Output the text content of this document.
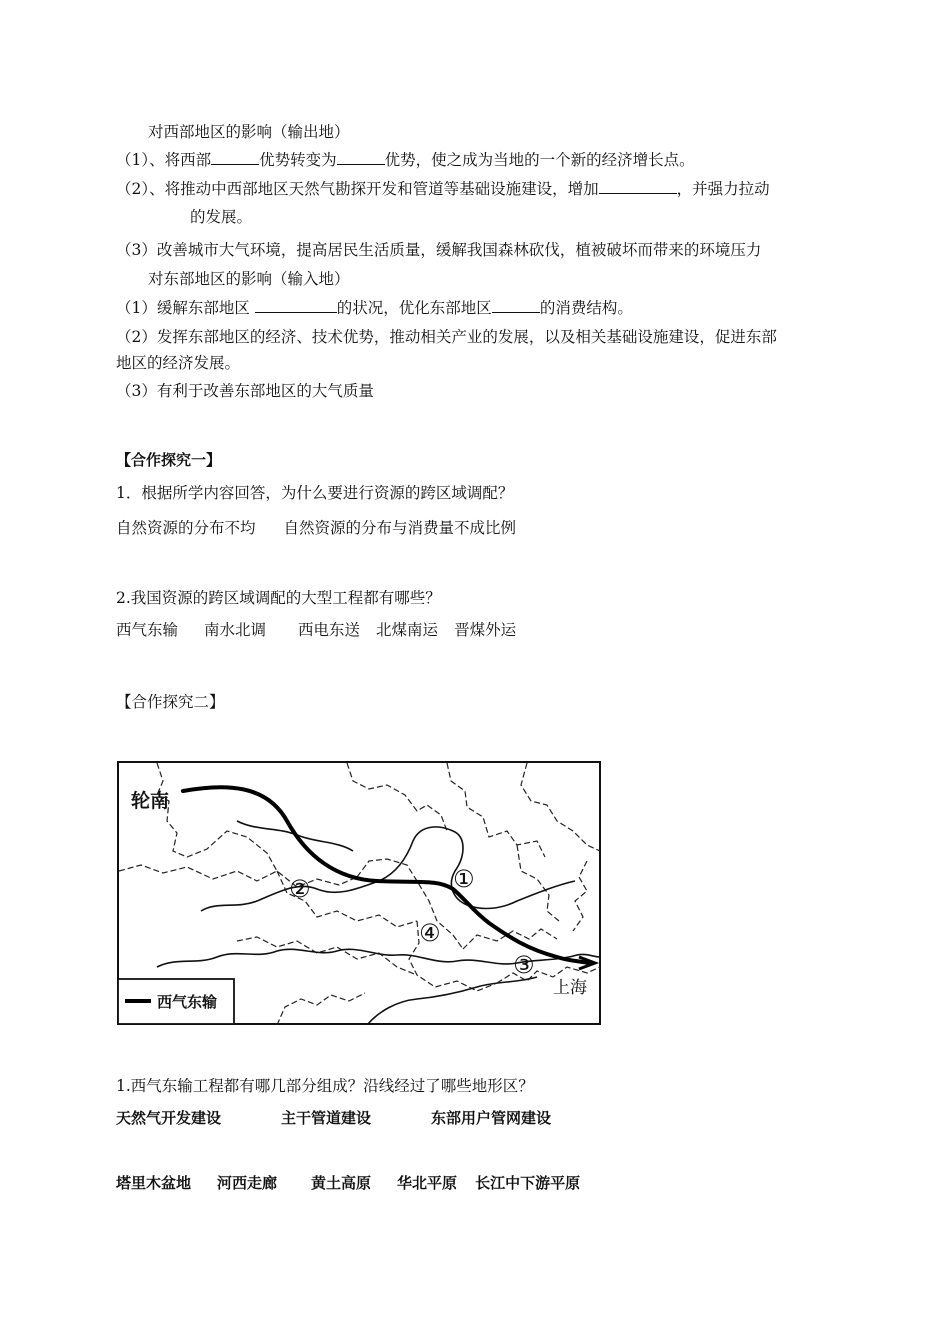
对西部地区的影响（输出地）
（1）、将西部	优势转变为	优势，使之成为当地的一个新的经济增长点。
（2）、将推动中西部地区天然气勘探开发和管道等基础设施建设，增加	，并强力拉动
的发展。
（3）改善城市大气环境，提高居民生活质量，缓解我国森林砍伐，植被破坏而带来的环境压力
对东部地区的影响（输入地）
（1）缓解东部地区	的状况，优化东部地区	的消费结构。
（2）发挥东部地区的经济、技术优势，推动相关产业的发展，以及相关基础设施建设，促进东部
地区的经济发展。
（3）有利于改善东部地区的大气质量
【合作探究一】
1．根据所学内容回答，为什么要进行资源的跨区域调配？
自然资源的分布不均 自然资源的分布与消费量不成比例
2.我国资源的跨区域调配的大型工程都有哪些？
西气东输 南水北调 西电东送 北煤南运 晋煤外运
【合作探究二】
轮南
上海
①
②
③
④
西气东输
1.西气东输工程都有哪几部分组成？沿线经过了哪些地形区？
天然气开发建设	主干管道建设	东部用户管网建设
塔里木盆地 河西走廊 黄土高原 华北平原 长江中下游平原
